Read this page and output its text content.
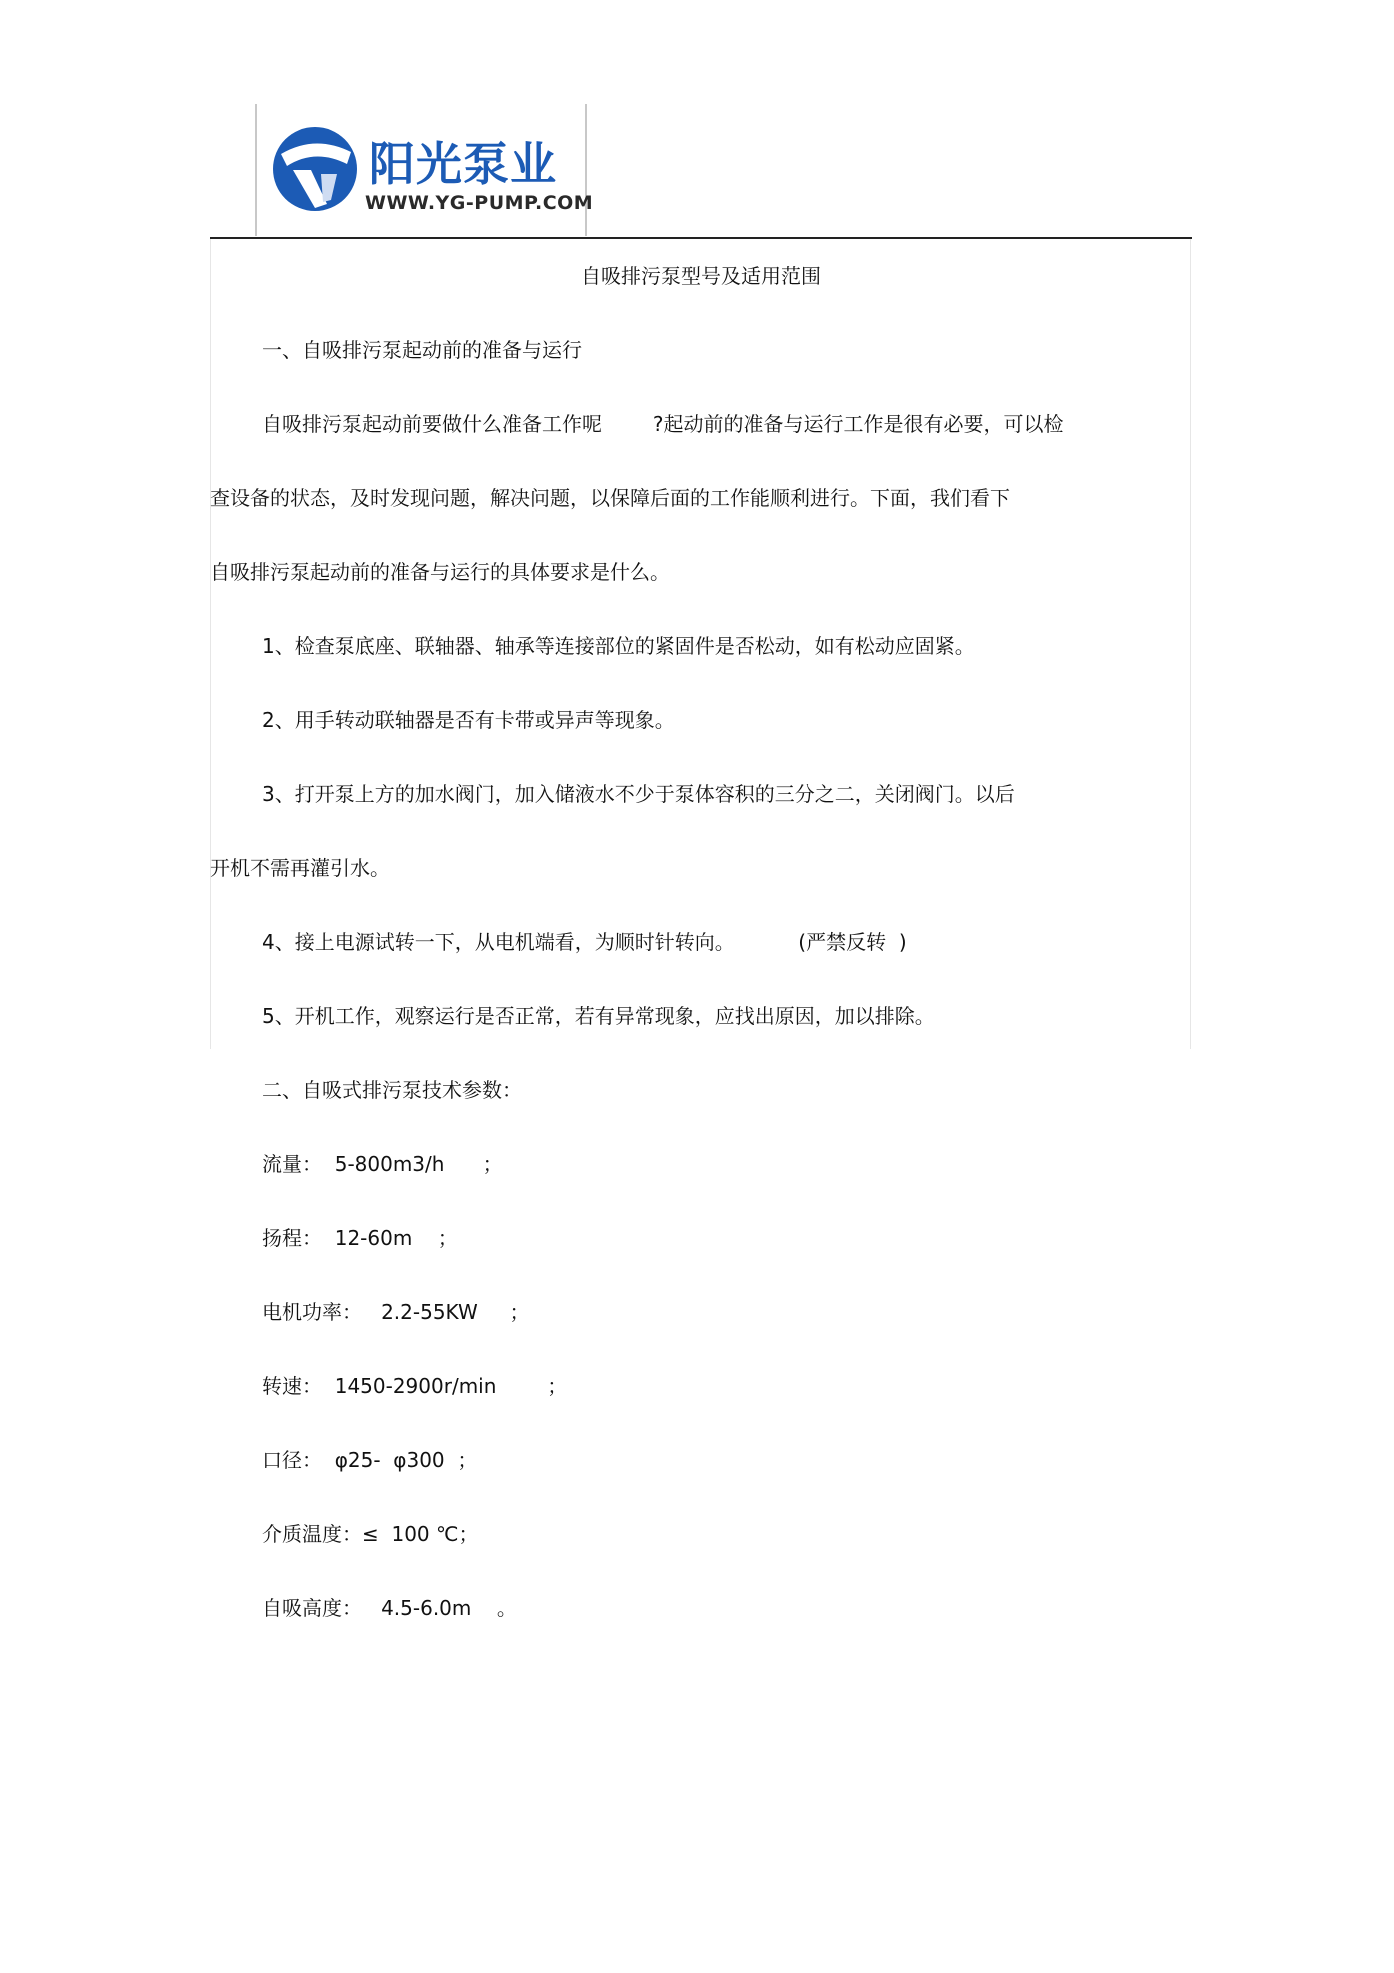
阳光泵业
WWW.YG-PUMP.COM
自吸排污泵型号及适用范围
一、自吸排污泵起动前的准备与运行
自吸排污泵起动前要做什么准备工作呢        ?起动前的准备与运行工作是很有必要，可以检
查设备的状态，及时发现问题，解决问题，以保障后面的工作能顺利进行。下面，我们看下
自吸排污泵起动前的准备与运行的具体要求是什么。
1、检查泵底座、联轴器、轴承等连接部位的紧固件是否松动，如有松动应固紧。
2、用手转动联轴器是否有卡带或异声等现象。
3、打开泵上方的加水阀门，加入储液水不少于泵体容积的三分之二，关闭阀门。以后
开机不需再灌引水。
4、接上电源试转一下，从电机端看，为顺时针转向。          (严禁反转  )
5、开机工作，观察运行是否正常，若有异常现象，应找出原因，加以排除。
二、自吸式排污泵技术参数：
流量：  5-800m3/h      ；
扬程：  12-60m    ；
电机功率：   2.2-55KW     ；
转速：  1450-2900r/min        ；
口径：  φ25-  φ300  ；
介质温度：≤  100 ℃；
自吸高度：   4.5-6.0m    。
